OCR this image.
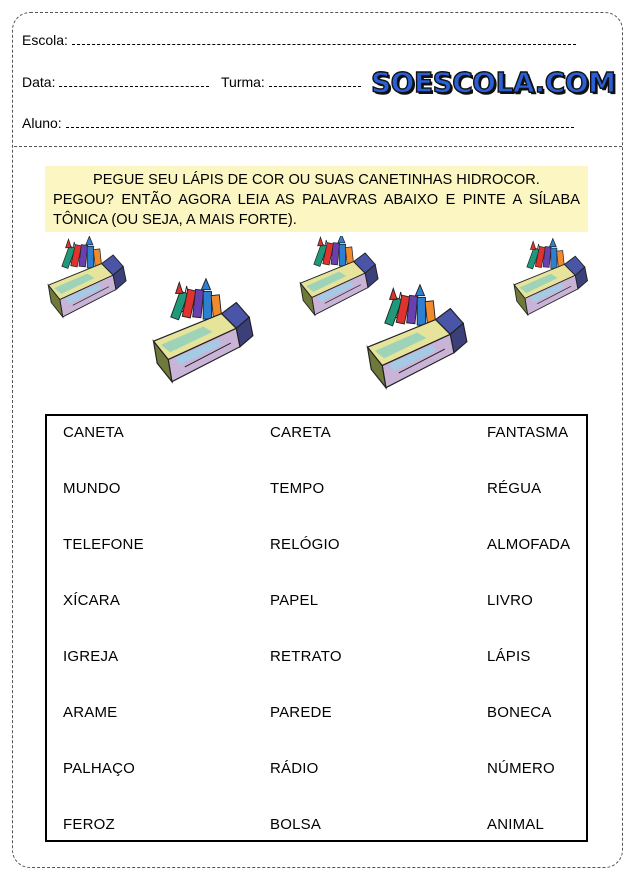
Escola:
Data:	Turma:
Aluno:
SOESCOLA.COM
PEGUE SEU LÁPIS DE COR OU SUAS CANETINHAS HIDROCOR.
PEGOU? ENTÃO AGORA LEIA AS PALAVRAS ABAIXO E PINTE A SÍLABA TÔNICA (OU SEJA, A MAIS FORTE).
CANETA
MUNDO
TELEFONE
XÍCARA
IGREJA
ARAME
PALHAÇO
FEROZ
CARETA
TEMPO
RELÓGIO
PAPEL
RETRATO
PAREDE
RÁDIO
BOLSA
FANTASMA
RÉGUA
ALMOFADA
LIVRO
LÁPIS
BONECA
NÚMERO
ANIMAL
